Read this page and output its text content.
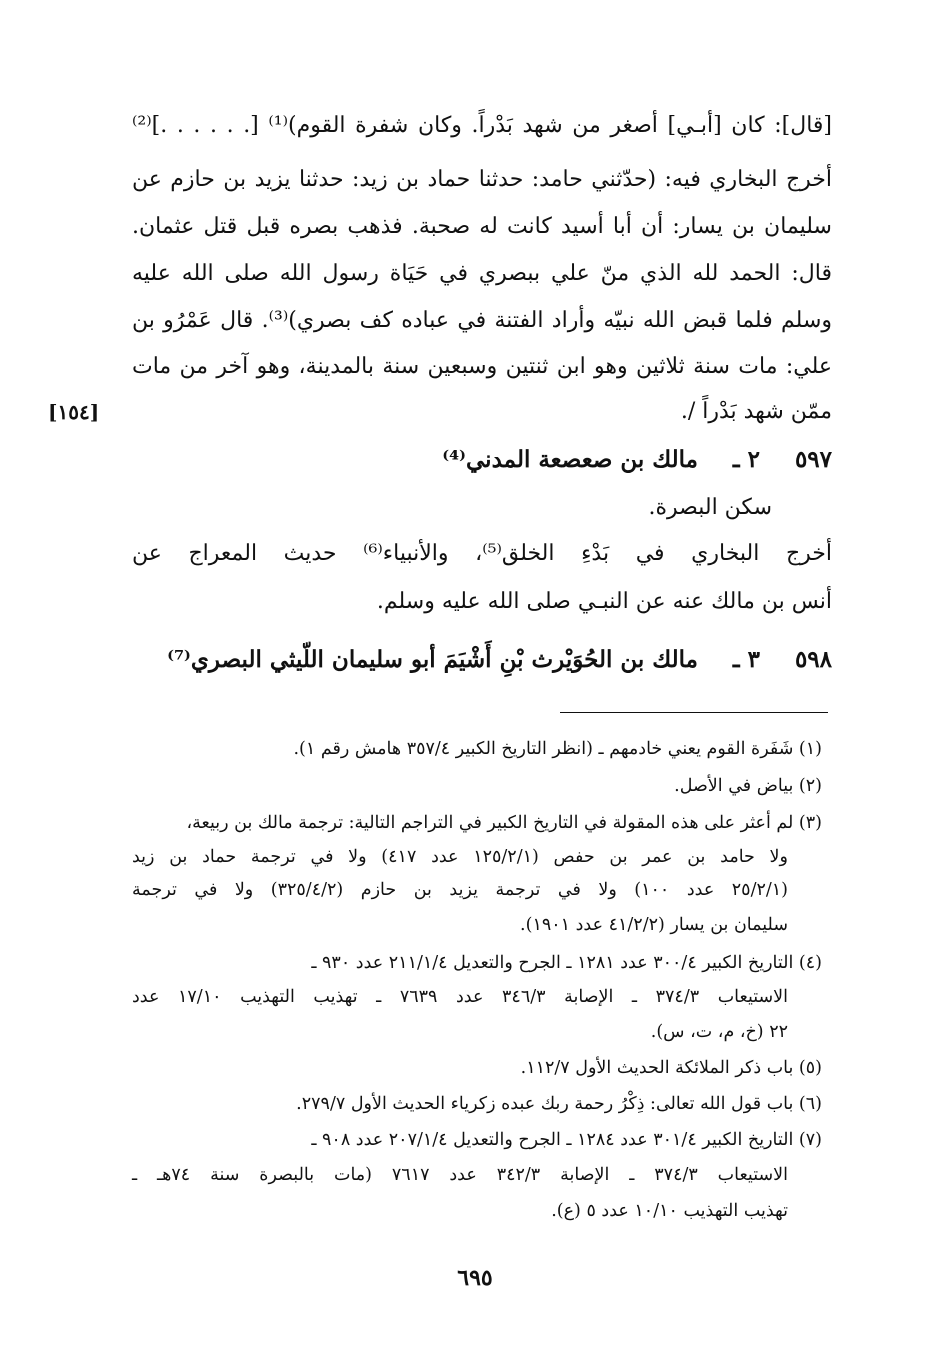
[قال]: كان [أبـي] أصغر من شهد بَدْراً. وكان شفرة القوم)⁽¹⁾ [. . . . . .]⁽²⁾
أخرج البخاري فيه: (حدّثني حامد: حدثنا حماد بن زيد: حدثنا يزيد بن حازم عن
سليمان بن يسار: أن أبا أسيد كانت له صحبة. فذهب بصره قبل قتل عثمان.
قال: الحمد لله الذي منّ علي ببصري في حَيَاة رسول الله صلى الله عليه
وسلم فلما قبض الله نبيّه وأراد الفتنة في عباده كف بصري)⁽³⁾. قال عَمْرُو بن
علي: مات سنة ثلاثين وهو ابن ثنتين وسبعين سنة بالمدينة، وهو آخر من مات
ممّن شهد بَدْراً /.
[١٥٤]
٥٩٧
٢ ـ
مالك بن صعصعة المدني⁽⁴⁾
سكن البصرة.
أخرج البخاري في بَدْءِ الخلق⁽⁵⁾، والأنبياء⁽⁶⁾ حديث المعراج عن
أنس بن مالك عنه عن النبـي صلى الله عليه وسلم.
٥٩٨
٣ ـ
مالك بن الحُوَيْرث بْنِ أَشْيَمَ أبو سليمان اللّيثي البصري⁽⁷⁾
(١) شَفَرة القوم يعني خادمهم ـ (انظر التاريخ الكبير ٣٥٧/٤ هامش رقم ١).
(٢) بياض في الأصل.
(٣) لم أعثر على هذه المقولة في التاريخ الكبير في التراجم التالية: ترجمة مالك بن ربيعة،
ولا حامد بن عمر بن حفص (١٢٥/٢/١ عدد ٤١٧) ولا في ترجمة حماد بن زيد
(٢٥/٢/١ عدد ١٠٠) ولا في ترجمة يزيد بن حازم (٣٢٥/٤/٢) ولا في ترجمة
سليمان بن يسار (٤١/٢/٢ عدد ١٩٠١).
(٤) التاريخ الكبير ٣٠٠/٤ عدد ١٢٨١ ـ الجرح والتعديل ٢١١/١/٤ عدد ٩٣٠ ـ
الاستيعاب ٣٧٤/٣ ـ الإصابة ٣٤٦/٣ عدد ٧٦٣٩ ـ تهذيب التهذيب ١٧/١٠ عدد
٢٢ (خ، م، ت، س).
(٥) باب ذكر الملائكة الحديث الأول ١١٢/٧.
(٦) باب قول الله تعالى: ذِكْرُ رحمة ربك عبده زكرياء الحديث الأول ٢٧٩/٧.
(٧) التاريخ الكبير ٣٠١/٤ عدد ١٢٨٤ ـ الجرح والتعديل ٢٠٧/١/٤ عدد ٩٠٨ ـ
الاستيعاب ٣٧٤/٣ ـ الإصابة ٣٤٢/٣ عدد ٧٦١٧ (مات بالبصرة سنة ٧٤هـ ـ
تهذيب التهذيب ١٠/١٠ عدد ٥ (ع).
٦٩٥
